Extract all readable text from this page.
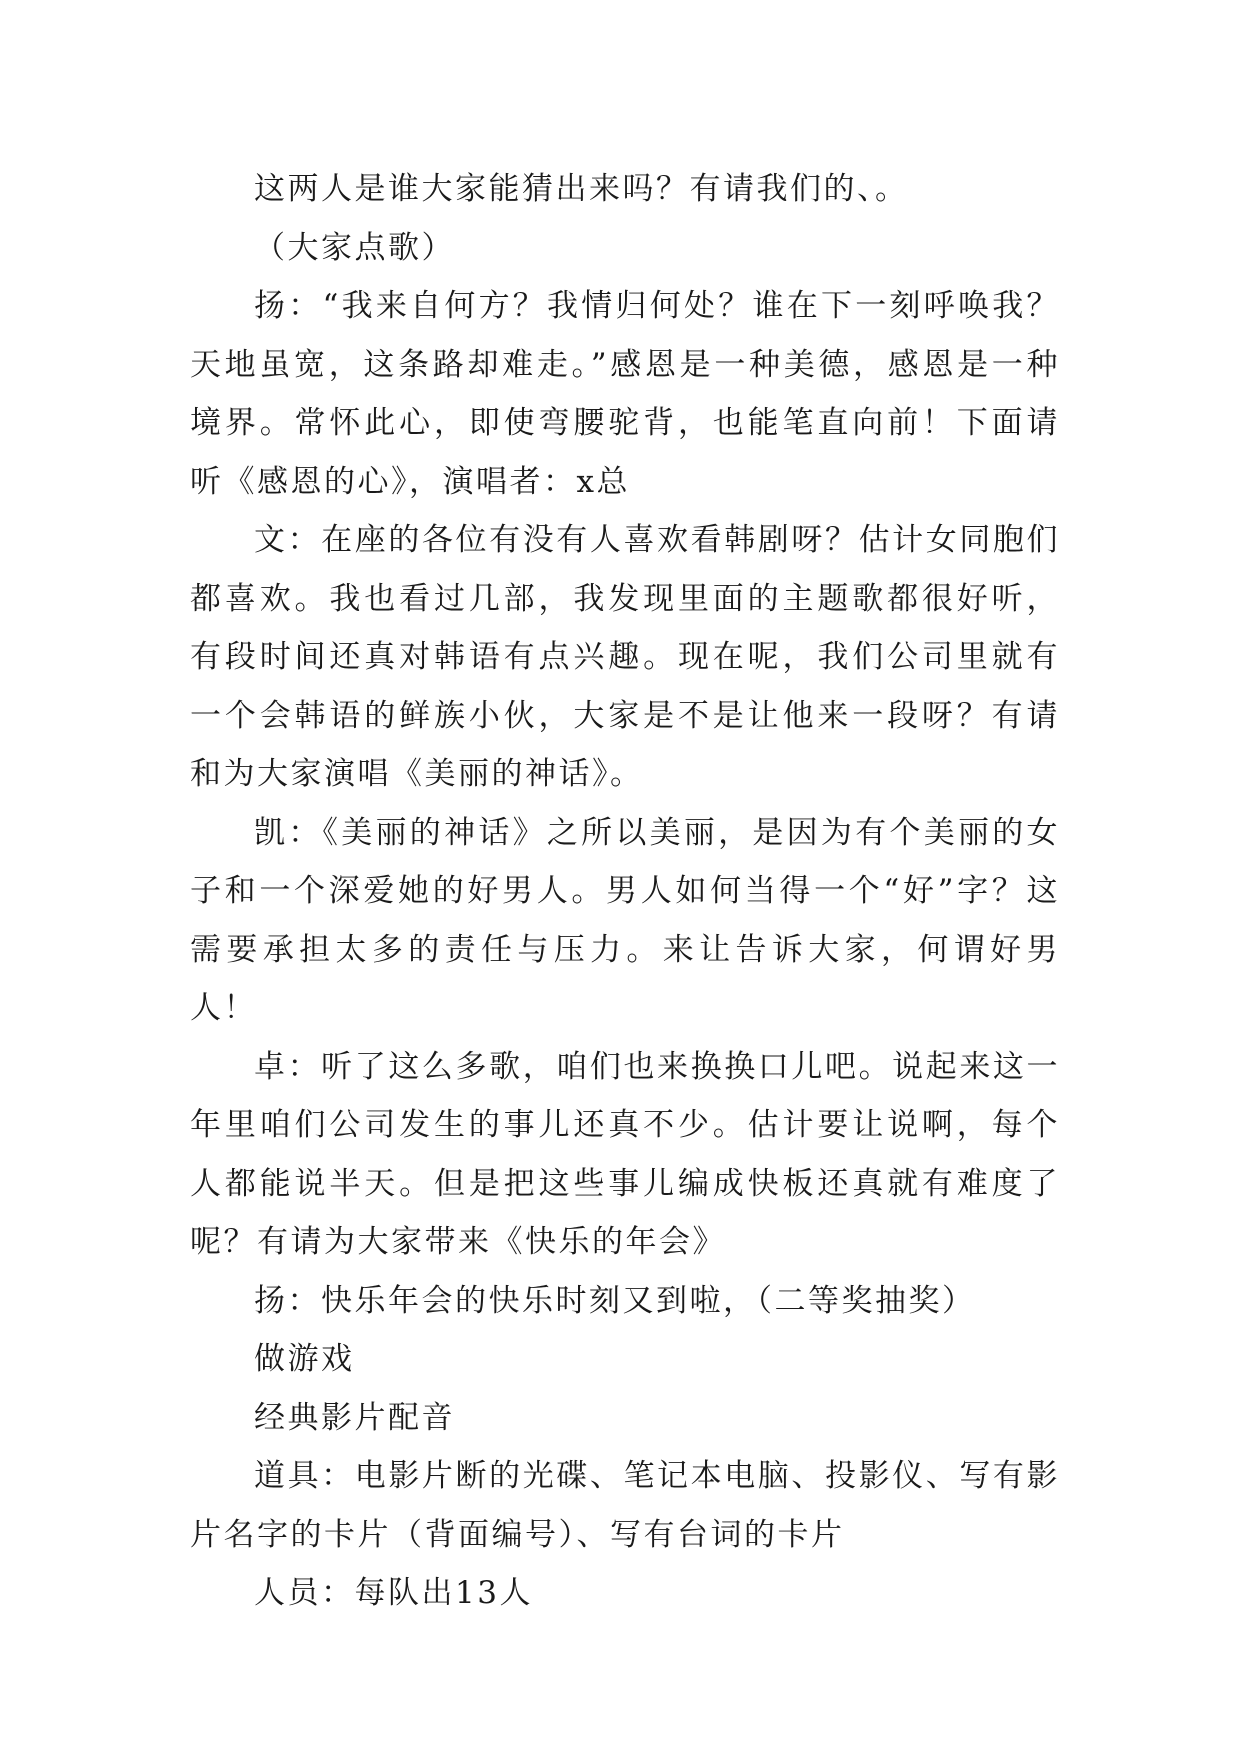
这两人是谁大家能猜出来吗？有请我们的、。

（大家点歌）

扬：“我来自何方？我情归何处？谁在下一刻呼唤我？天地虽宽，这条路却难走。”感恩是一种美德，感恩是一种境界。常怀此心，即使弯腰驼背，也能笔直向前！下面请听《感恩的心》，演唱者：x总

文：在座的各位有没有人喜欢看韩剧呀？估计女同胞们都喜欢。我也看过几部，我发现里面的主题歌都很好听，有段时间还真对韩语有点兴趣。现在呢，我们公司里就有一个会韩语的鲜族小伙，大家是不是让他来一段呀？有请和为大家演唱《美丽的神话》。

凯：《美丽的神话》之所以美丽，是因为有个美丽的女子和一个深爱她的好男人。男人如何当得一个“好”字？这需要承担太多的责任与压力。来让告诉大家，何谓好男人！

卓：听了这么多歌，咱们也来换换口儿吧。说起来这一年里咱们公司发生的事儿还真不少。估计要让说啊，每个人都能说半天。但是把这些事儿编成快板还真就有难度了呢？有请为大家带来《快乐的年会》

扬：快乐年会的快乐时刻又到啦，（二等奖抽奖）

做游戏

经典影片配音

道具：电影片断的光碟、笔记本电脑、投影仪、写有影片名字的卡片（背面编号）、写有台词的卡片

人员：每队出13人
